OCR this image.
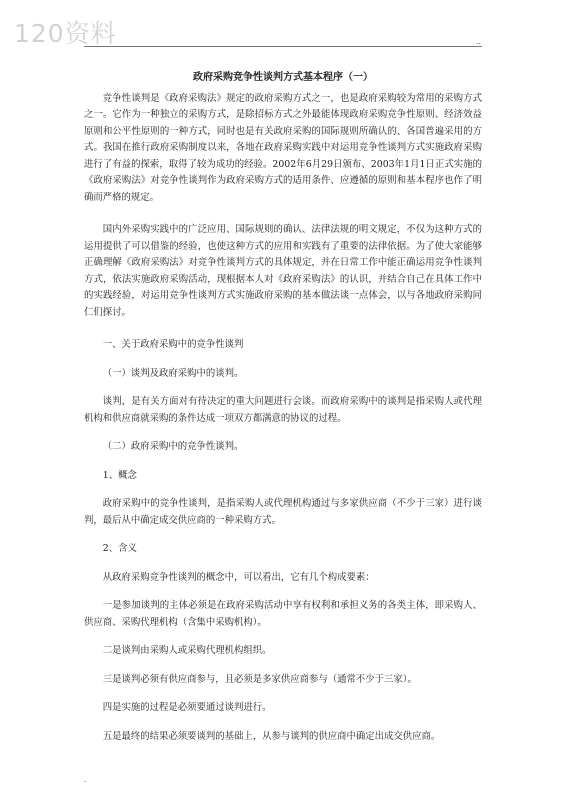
120资料	..

政府采购竞争性谈判方式基本程序（一）

竞争性谈判是《政府采购法》规定的政府采购方式之一，也是政府采购较为常用的采购方式之一。它作为一种独立的采购方式，是除招标方式之外最能体现政府采购竞争性原则、经济效益原则和公平性原则的一种方式，同时也是有关政府采购的国际规则所确认的、各国普遍采用的方式。我国在推行政府采购制度以来，各地在政府采购实践中对运用竞争性谈判方式实施政府采购进行了有益的探索，取得了较为成功的经验。2002年6月29日颁布、2003年1月1日正式实施的《政府采购法》对竞争性谈判作为政府采购方式的适用条件、应遵循的原则和基本程序也作了明确而严格的规定。

国内外采购实践中的广泛应用、国际规则的确认、法律法规的明文规定，不仅为这种方式的运用提供了可以借鉴的经验，也使这种方式的应用和实践有了重要的法律依据。为了使大家能够正确理解《政府采购法》对竞争性谈判方式的具体规定，并在日常工作中能正确运用竞争性谈判方式，依法实施政府采购活动，现根据本人对《政府采购法》的认识，并结合自己在具体工作中的实践经验，对运用竞争性谈判方式实施政府采购的基本做法谈一点体会，以与各地政府采购同仁们探讨。

一、关于政府采购中的竞争性谈判

（一）谈判及政府采购中的谈判。

谈判，是有关方面对有待决定的重大问题进行会谈。而政府采购中的谈判是指采购人或代理机构和供应商就采购的条件达成一项双方都满意的协议的过程。

（二）政府采购中的竞争性谈判。

1、概念

政府采购中的竞争性谈判，是指采购人或代理机构通过与多家供应商（不少于三家）进行谈判，最后从中确定成交供应商的一种采购方式。

2、含义

从政府采购竞争性谈判的概念中，可以看出，它有几个构成要素：

一是参加谈判的主体必须是在政府采购活动中享有权利和承担义务的各类主体，即采购人、供应商、采购代理机构（含集中采购机构）。

二是谈判由采购人或采购代理机构组织。

三是谈判必须有供应商参与，且必须是多家供应商参与（通常不少于三家）。

四是实施的过程是必须要通过谈判进行。

五是最终的结果必须要谈判的基础上，从参与谈判的供应商中确定出成交供应商。

.
